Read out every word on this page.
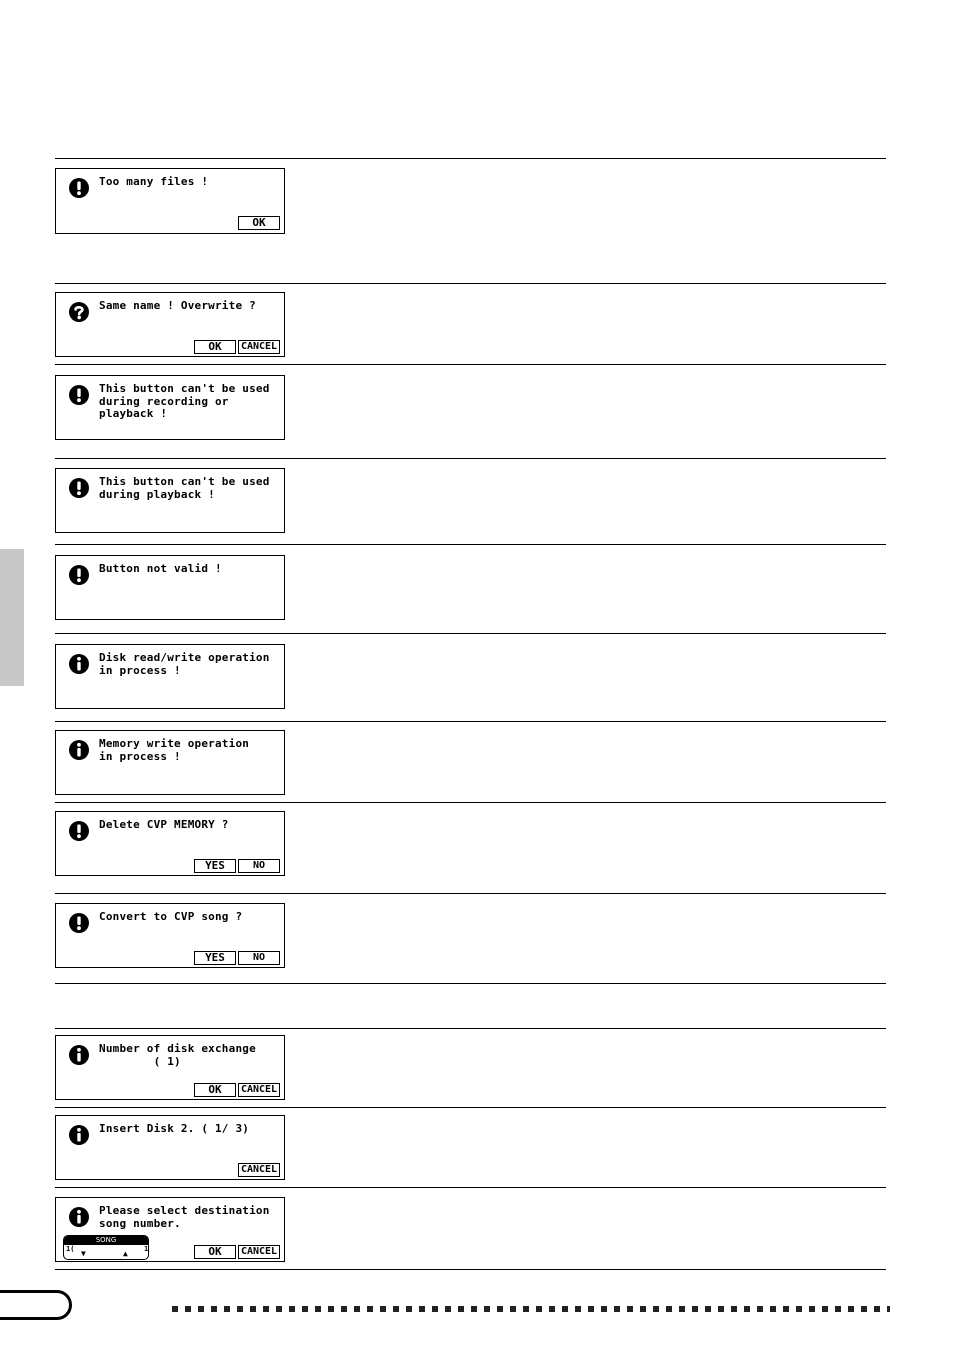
Too many files !
OK
Same name ! Overwrite ?
OK	CANCEL
This button can't be used
during recording or
playback !
This button can't be used
during playback !
Button not valid !
Disk read/write operation
in process !
Memory write operation
in process !
Delete CVP MEMORY ?
YES	NO
Convert to CVP song ?
YES	NO
Number of disk exchange
( 1)
OK	CANCEL
Insert Disk 2. ( 1/ 3)
CANCEL
Please select destination
song number.
SONG
1( ▼	▲ 1	OK	CANCEL
